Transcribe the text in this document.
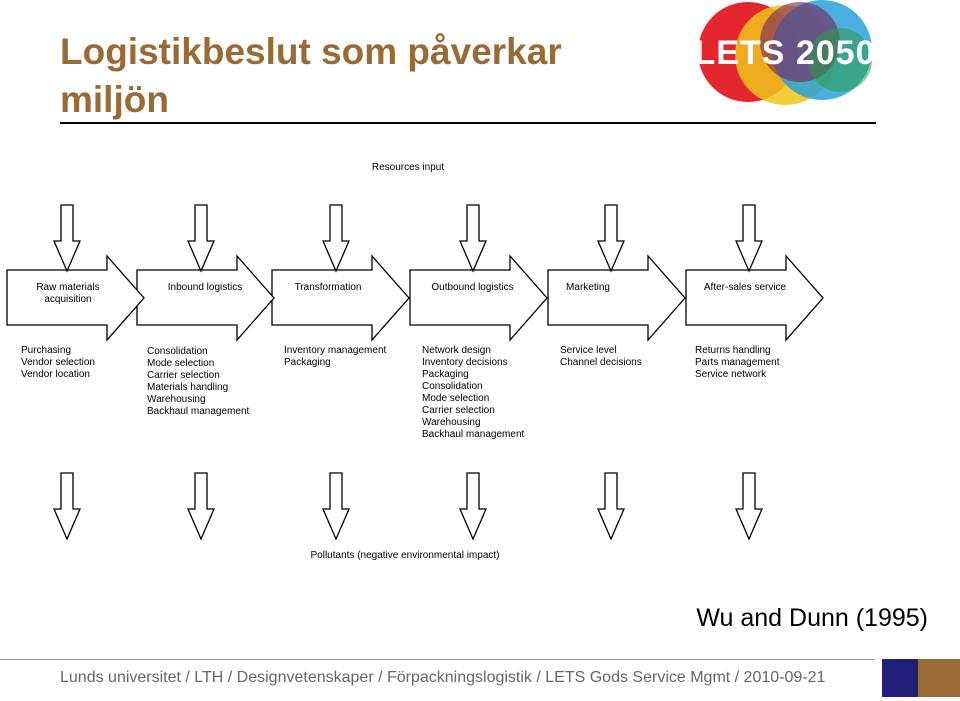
Logistikbeslut som påverkar miljön
LETS 2050
Resources input
Raw materials acquisition
Inbound logistics	Transformation	Outbound logistics	Marketing	After-sales service
Purchasing
Vendor selection
Vendor location
Consolidation
Mode selection
Carrier selection
Materials handling
Warehousing
Backhaul management
Inventory management
Packaging
Network design
Inventory decisions
Packaging
Consolidation
Mode selection
Carrier selection
Warehousing
Backhaul management
Service level
Channel decisions
Returns handling
Parts management
Service network
Pollutants (negative environmental impact)
Wu and Dunn (1995)
Lunds universitet / LTH / Designvetenskaper / Förpackningslogistik / LETS Gods Service Mgmt / 2010-09-21
